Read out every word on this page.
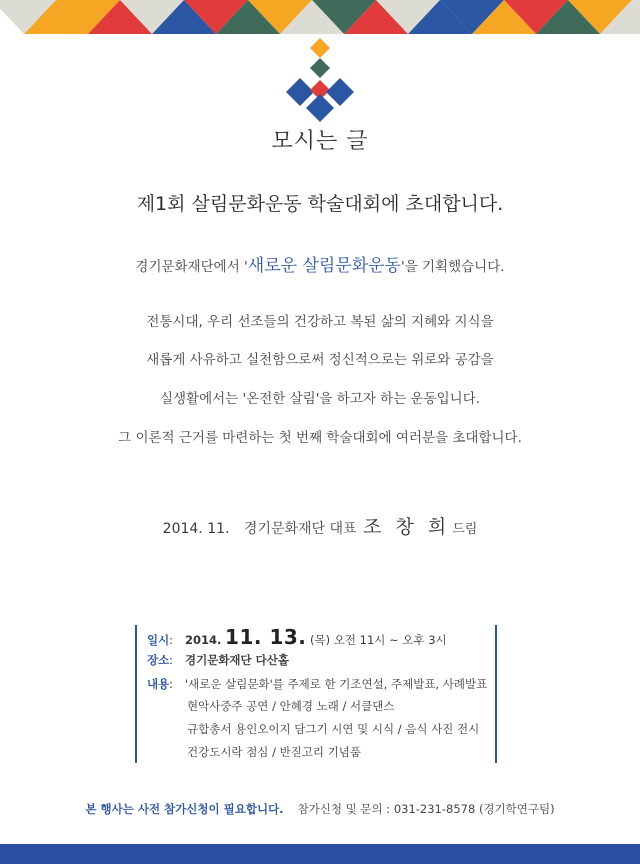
모시는 글
제1회 살림문화운동 학술대회에 초대합니다.
경기문화재단에서 '새로운 살림문화운동'을 기획했습니다.
전통시대, 우리 선조들의 건강하고 복된 삶의 지혜와 지식을
새롭게 사유하고 실천함으로써 정신적으로는 위로와 공감을
실생활에서는 '온전한 살림'을 하고자 하는 운동입니다.
그 이론적 근거를 마련하는 첫 번째 학술대회에 여러분을 초대합니다.
2014. 11. 경기문화재단 대표 조 창 희 드림
일시: 2014. 11. 13. (목) 오전 11시 ~ 오후 3시
장소: 경기문화재단 다산홀
내용: '새로운 살림문화'를 주제로 한 기조연설, 주제발표, 사례발표
현악사중주 공연 / 안혜경 노래 / 서클댄스
규합총서 용인오이지 담그기 시연 및 시식 / 음식 사진 전시
건강도시락 점심 / 반짇고리 기념품
본 행사는 사전 참가신청이 필요합니다. 참가신청 및 문의 : 031-231-8578 (경기학연구팀)
